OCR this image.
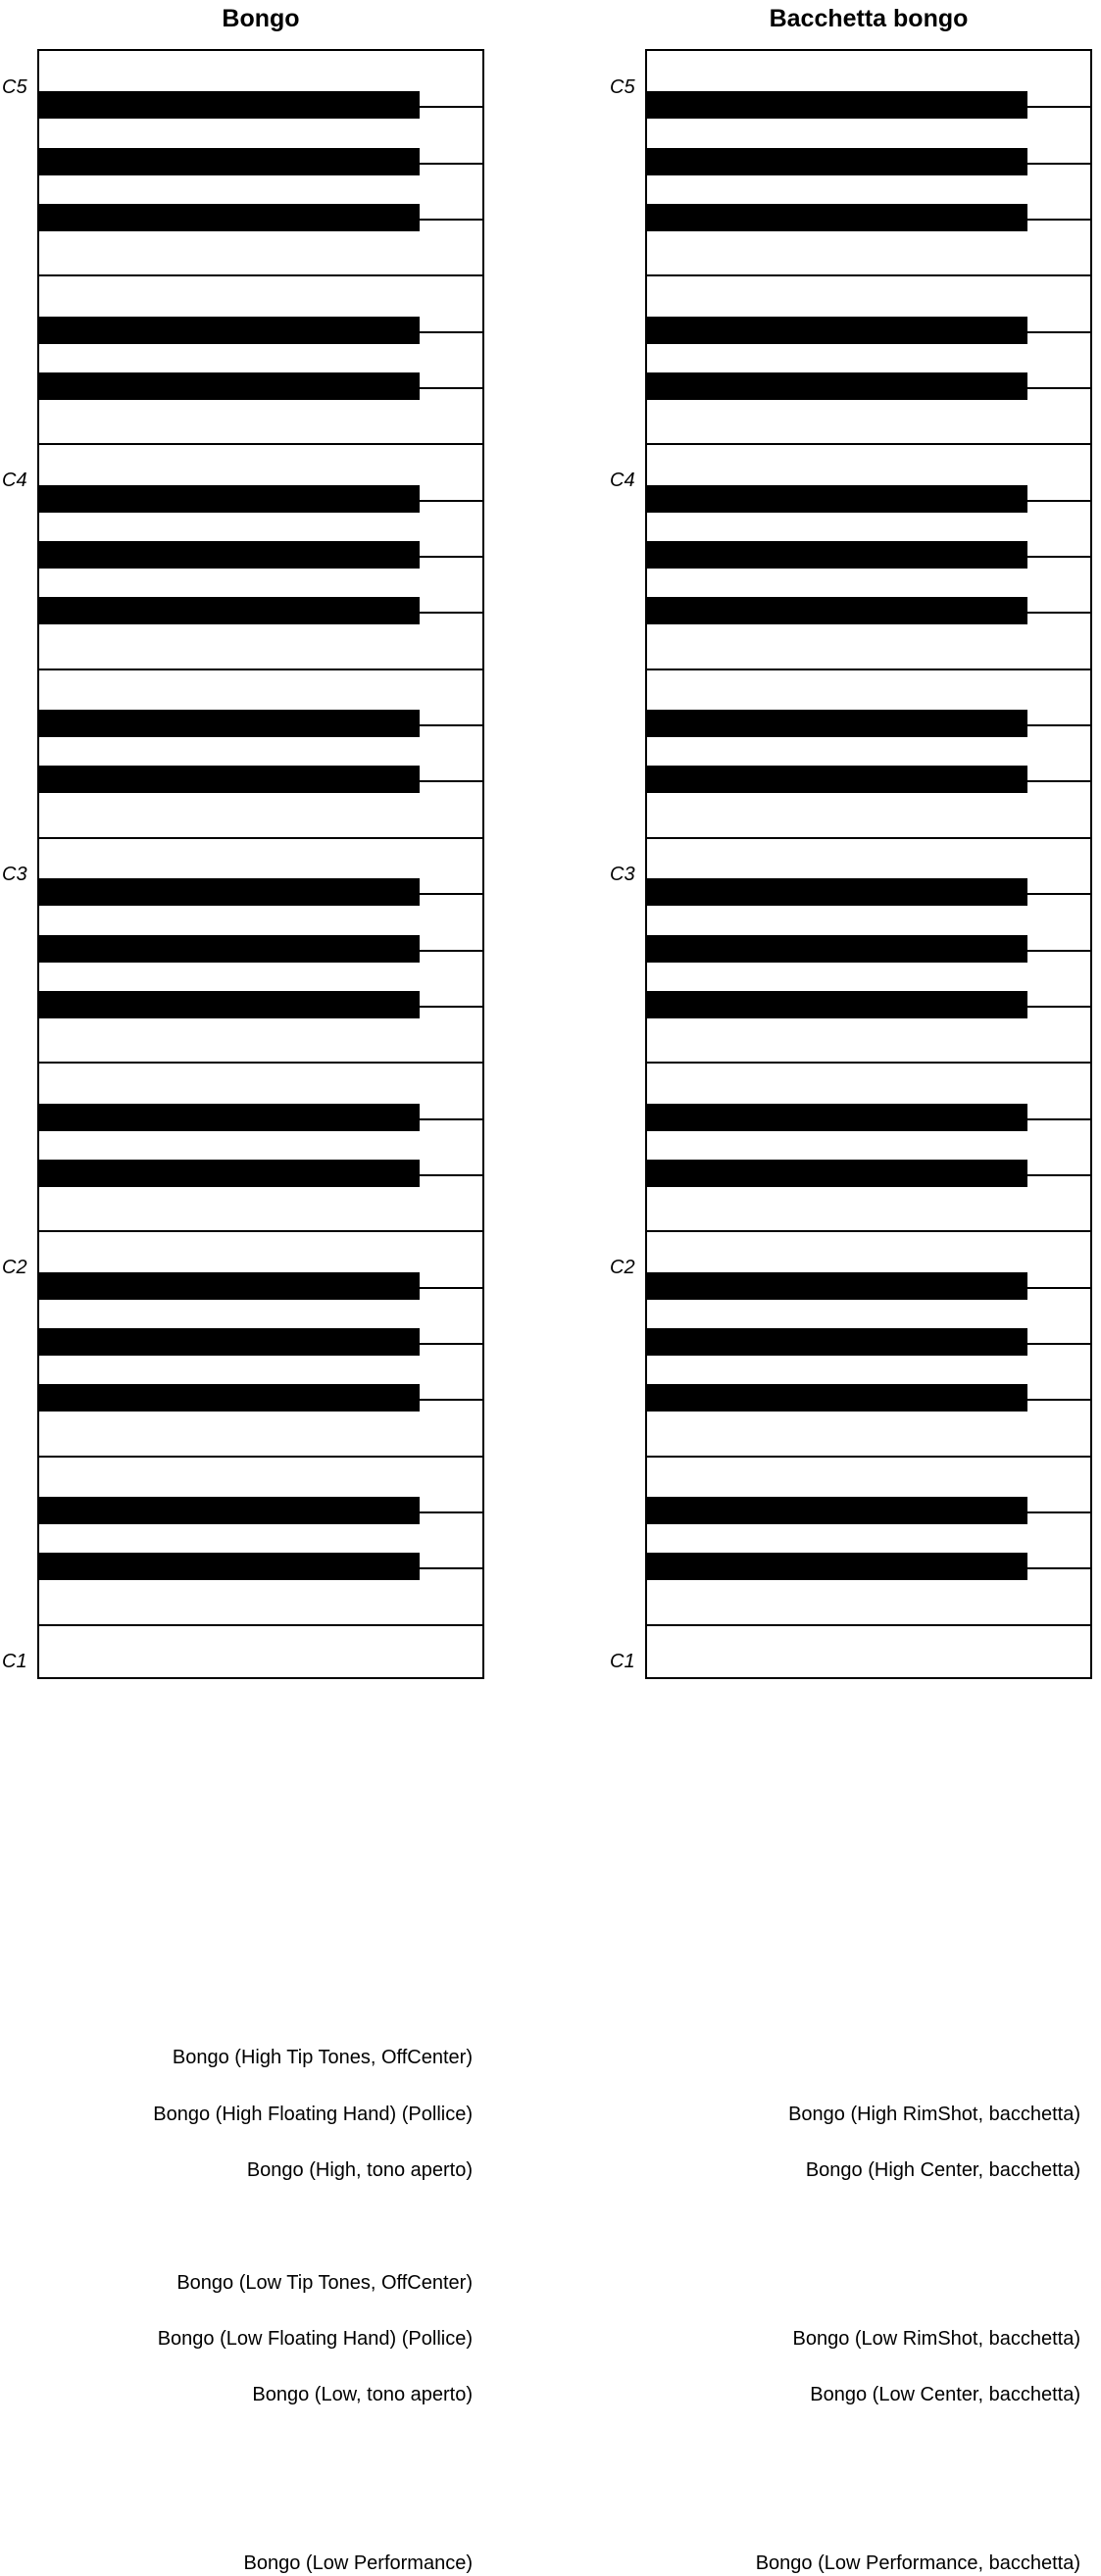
Bongo
Bongo (High Tip Tones, OffCenter)
Bongo (High Floating Hand) (Pollice)
Bongo (High, tono aperto)
Bongo (Low Tip Tones, OffCenter)
Bongo (Low Floating Hand) (Pollice)
Bongo (Low, tono aperto)
Bongo (Low Performance)
C5
C4
C3
C2
C1
Bacchetta bongo
Bongo (High RimShot, bacchetta)
Bongo (High Center, bacchetta)
Bongo (Low RimShot, bacchetta)
Bongo (Low Center, bacchetta)
Bongo (Low Performance, bacchetta)
C5
C4
C3
C2
C1
